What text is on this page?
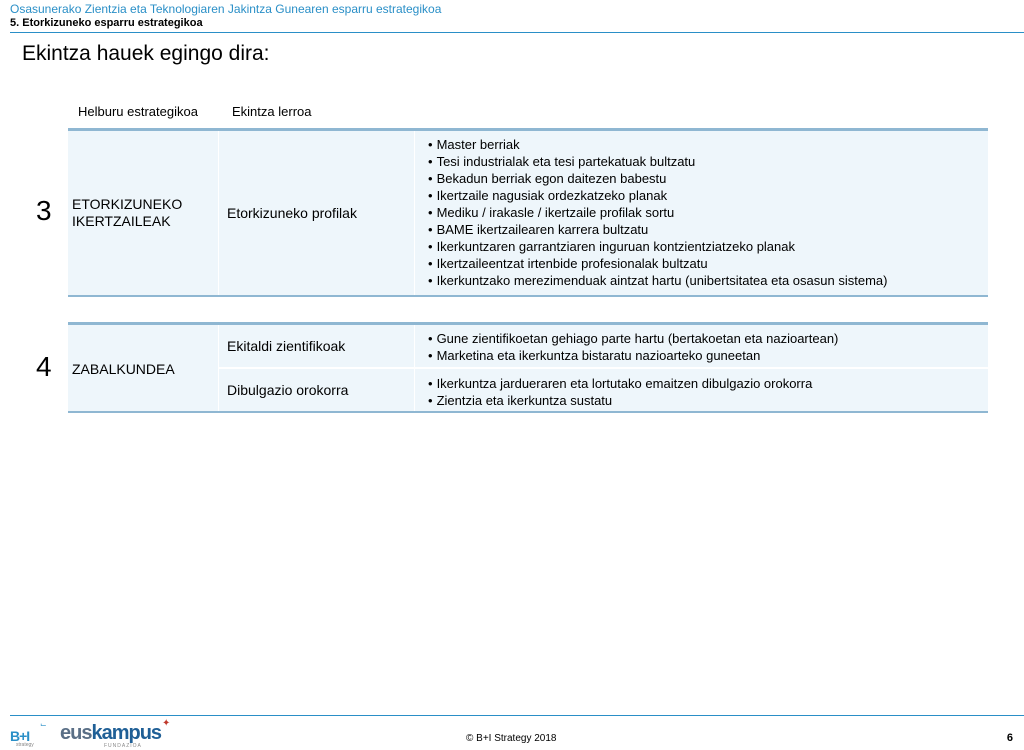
Osasunerako Zientzia eta Teknologiaren Jakintza Gunearen esparru estrategikoa
5. Etorkizuneko esparru estrategikoa
Ekintza hauek egingo dira:
Helburu estrategikoa	Ekintza lerroa
3 ETORKIZUNEKO
IKERTZAILEAK	Etorkizuneko profilak
• Master berriak
• Tesi industrialak eta tesi partekatuak bultzatu
• Bekadun berriak egon daitezen babestu
• Ikertzaile nagusiak ordezkatzeko planak
• Mediku / irakasle / ikertzaile profilak sortu
• BAME ikertzailearen karrera bultzatu
• Ikerkuntzaren garrantziaren inguruan kontzientziatzeko planak
• Ikertzaileentzat irtenbide profesionalak bultzatu
• Ikerkuntzako merezimenduak aintzat hartu (unibertsitatea eta osasun sistema)
4 ZABALKUNDEA
Ekitaldi zientifikoak	• Gune zientifikoetan gehiago parte hartu (bertakoetan eta nazioartean)
• Marketina eta ikerkuntza bistaratu nazioarteko guneetan
Dibulgazio orokorra	• Ikerkuntza jardueraren eta lortutako emaitzen dibulgazio orokorra
• Zientzia eta ikerkuntza sustatu
⌙
B+I
strategy
euskampus
FUNDAZIOA
✦
© B+I Strategy 2018	6
